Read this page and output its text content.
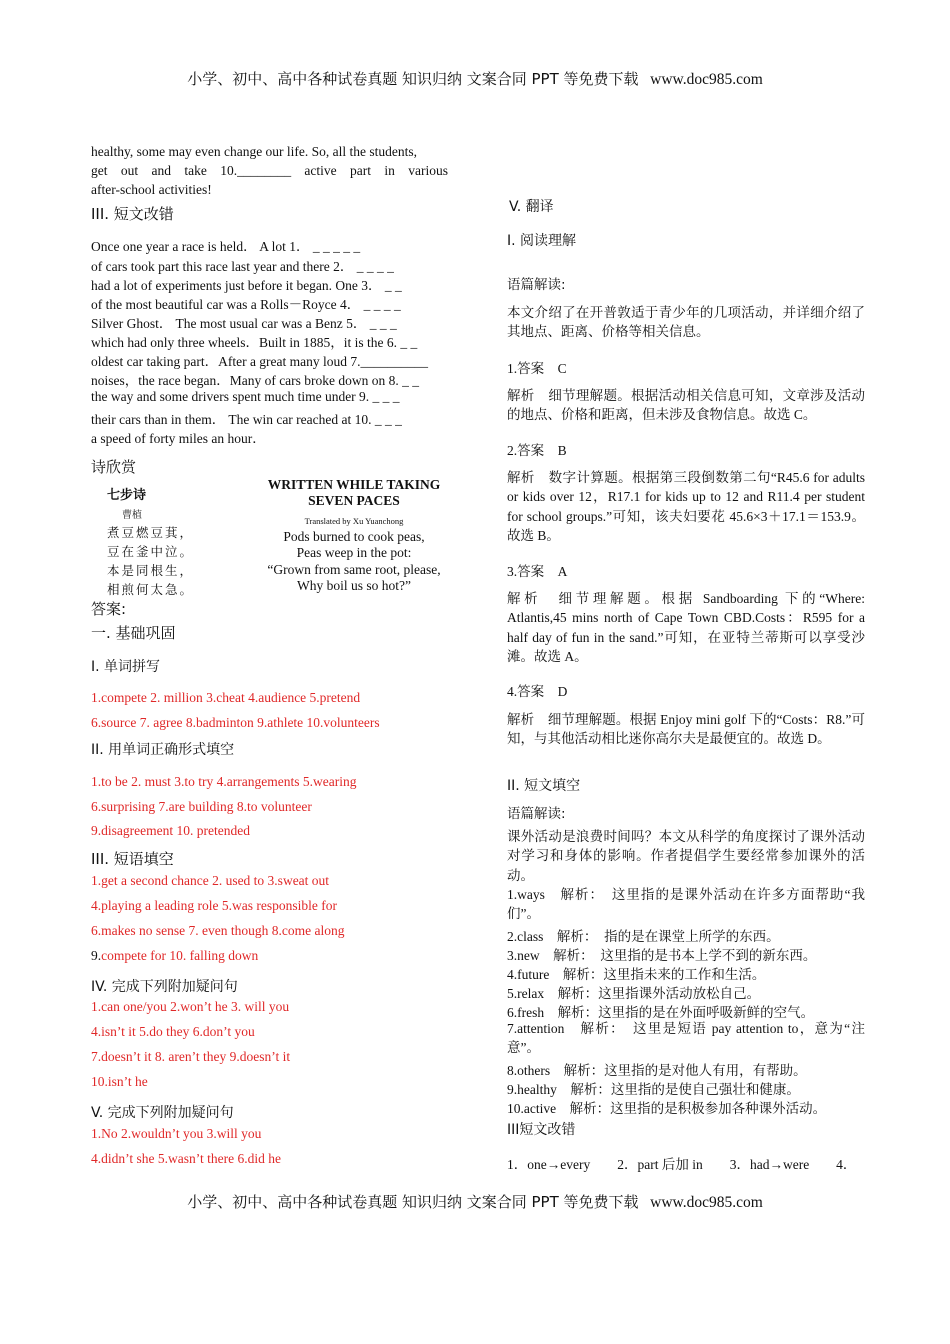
小学、初中、高中各种试卷真题 知识归纳 文案合同 PPT 等免费下载 www.doc985.com
healthy, some may even change our life. So, all the students,
get out and take 10.________ active part in various
after-school activities!
III. 短文改错
Once one year a race is held． A lot 1． _ _ _ _ _
of cars took part this race last year and there 2． _ _ _ _
had a lot of experiments just before it began. One 3． _ _
of the most beautiful car was a Rolls－Royce 4． _ _ _ _
Silver Ghost． The most usual car was a Benz 5． _ _ _
which had only three wheels．Built in 1885，it is the 6. _ _
oldest car taking part．After a great many loud 7.__________
noises，the race began．Many of cars broke down on 8. _ _
the way and some drivers spent much time under 9. _ _ _
their cars than in them． The win car reached at 10. _ _ _
a speed of forty miles an hour．
诗欣赏
七步诗
曹植
煮豆燃豆萁，
豆在釜中泣。
本是同根生，
相煎何太急。
WRITTEN WHILE TAKING
SEVEN PACES
Translated by Xu Yuanchong
Pods burned to cook peas,
Peas weep in the pot:
“Grown from same root, please,
Why boil us so hot?”
答案:
一. 基础巩固
I. 单词拼写
1.compete 2. million 3.cheat 4.audience 5.pretend
6.source 7. agree 8.badminton 9.athlete 10.volunteers
II. 用单词正确形式填空
1.to be 2. must 3.to try 4.arrangements 5.wearing
6.surprising 7.are building 8.to volunteer
9.disagreement 10. pretended
III. 短语填空
1.get a second chance 2. used to 3.sweat out
4.playing a leading role 5.was responsible for
6.makes no sense 7. even though 8.come along
9.compete for 10. falling down
IV. 完成下列附加疑问句
1.can one/you 2.won’t he 3. will you
4.isn’t it 5.do they 6.don’t you
7.doesn’t it 8. aren’t they 9.doesn’t it
10.isn’t he
V. 完成下列附加疑问句
1.No 2.wouldn’t you 3.will you
4.didn’t she 5.wasn’t there 6.did he
V. 翻译
I. 阅读理解
语篇解读:
本文介绍了在开普敦适于青少年的几项活动，并详细介绍了其地点、距离、价格等相关信息。
1.答案　C
解析　细节理解题。根据活动相关信息可知，文章涉及活动的地点、价格和距离，但未涉及食物信息。故选 C。
2.答案　B
解析　数字计算题。根据第三段倒数第二句“R45.6 for adults or kids over 12，R17.1 for kids up to 12 and R11.4 per student for school groups.”可知，该夫妇要花 45.6×3＋17.1＝153.9。故选 B。
3.答案　A
解析　细节理解题。根据 Sandboarding 下的“Where: Atlantis,45 mins north of Cape Town CBD.Costs：R595 for a half day of fun in the sand.”可知，在亚特兰蒂斯可以享受沙滩。故选 A。
4.答案　D
解析　细节理解题。根据 Enjoy mini golf 下的“Costs：R8.”可知，与其他活动相比迷你高尔夫是最便宜的。故选 D。
II. 短文填空
语篇解读:
课外活动是浪费时间吗？本文从科学的角度探讨了课外活动对学习和身体的影响。作者提倡学生要经常参加课外的活动。
1.ways　解析：　这里指的是课外活动在许多方面帮助“我们”。
2.class　解析：　指的是在课堂上所学的东西。
3.new　解析：　这里指的是书本上学不到的新东西。
4.future　解析：这里指未来的工作和生活。
5.relax　解析：这里指课外活动放松自己。
6.fresh　解析：这里指的是在外面呼吸新鲜的空气。
7.attention　解析：　这里是短语 pay attention to，意为“注意”。
8.others　解析：这里指的是对他人有用，有帮助。
9.healthy　解析：这里指的是使自己强壮和健康。
10.active　解析：这里指的是积极参加各种课外活动。
III短文改错
1．one→every　　2．part 后加 in　　3．had→were　　4．
小学、初中、高中各种试卷真题 知识归纳 文案合同 PPT 等免费下载 www.doc985.com
